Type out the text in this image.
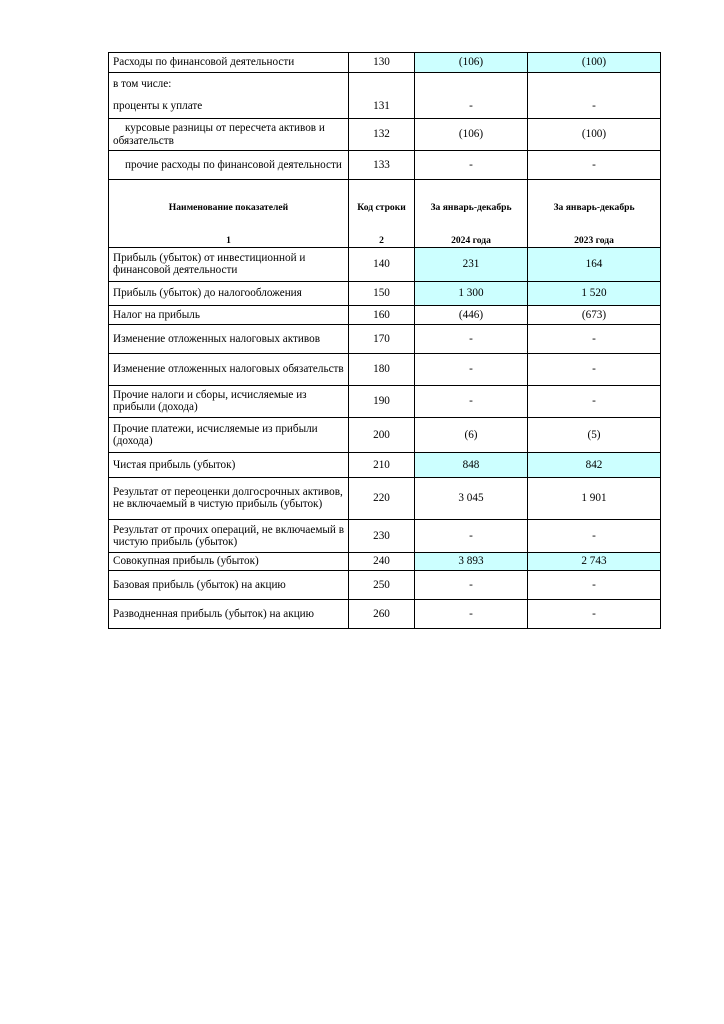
Расходы по финансовой деятельности	130	(106)	(100)
в том числе:			
проценты к уплате	131	-	-
курсовые разницы от пересчета активов и обязательств	132	(106)	(100)
прочие расходы по финансовой деятельности	133	-	-
Наименование показателей	Код строки	За январь-декабрь	За январь-декабрь
1	2	2024 года	2023 года
Прибыль (убыток) от инвестиционной и финансовой деятельности	140	231	164
Прибыль (убыток) до налогообложения	150	1 300	1 520
Налог на прибыль	160	(446)	(673)
Изменение отложенных налоговых активов	170	-	-
Изменение отложенных налоговых обязательств	180	-	-
Прочие налоги и сборы, исчисляемые из прибыли (дохода)	190	-	-
Прочие платежи, исчисляемые из прибыли (дохода)	200	(6)	(5)
Чистая прибыль (убыток)	210	848	842
Результат от переоценки долгосрочных активов, не включаемый в чистую прибыль (убыток)	220	3 045	1 901
Результат от прочих операций, не включаемый в чистую прибыль (убыток)	230	-	-
Совокупная прибыль (убыток)	240	3 893	2 743
Базовая прибыль (убыток) на акцию	250	-	-
Разводненная прибыль (убыток) на акцию	260	-	-
